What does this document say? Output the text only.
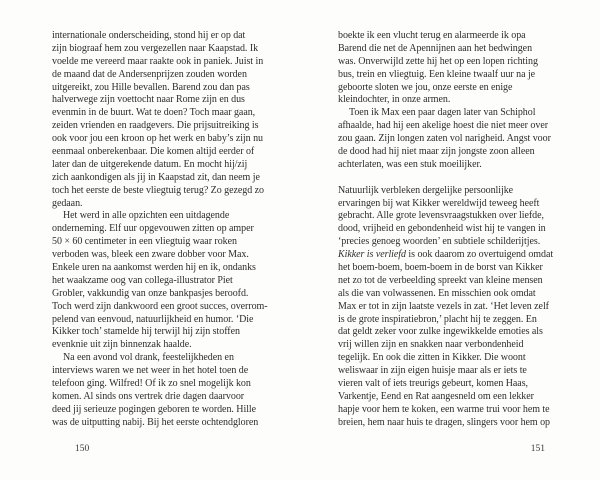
internationale onderscheiding, stond hij er op dat
zijn biograaf hem zou vergezellen naar Kaapstad. Ik
voelde me vereerd maar raakte ook in paniek. Juist in
de maand dat de Andersenprijzen zouden worden
uitgereikt, zou Hille bevallen. Barend zou dan pas
halverwege zijn voettocht naar Rome zijn en dus
evenmin in de buurt. Wat te doen? Toch maar gaan,
zeiden vrienden en raadgevers. Die prijsuitreiking is
ook voor jou een kroon op het werk en baby’s zijn nu
eenmaal onberekenbaar. Die komen altijd eerder of
later dan de uitgerekende datum. En mocht hij/zij
zich aankondigen als jij in Kaapstad zit, dan neem je
toch het eerste de beste vliegtuig terug? Zo gezegd zo
gedaan.
Het werd in alle opzichten een uitdagende
onderneming. Elf uur opgevouwen zitten op amper
50 × 60 centimeter in een vliegtuig waar roken
verboden was, bleek een zware dobber voor Max.
Enkele uren na aankomst werden hij en ik, ondanks
het waakzame oog van collega-illustrator Piet
Grobler, vakkundig van onze bankpasjes beroofd.
Toch werd zijn dankwoord een groot succes, overrom-
pelend van eenvoud, natuurlijkheid en humor. ‘Die
Kikker toch’ stamelde hij terwijl hij zijn stoffen
evenknie uit zijn binnenzak haalde.
Na een avond vol drank, feestelijkheden en
interviews waren we net weer in het hotel toen de
telefoon ging. Wilfred! Of ik zo snel mogelijk kon
komen. Al sinds ons vertrek drie dagen daarvoor
deed jij serieuze pogingen geboren te worden. Hille
was de uitputting nabij. Bij het eerste ochtendgloren
boekte ik een vlucht terug en alarmeerde ik opa
Barend die net de Apennijnen aan het bedwingen
was. Onverwijld zette hij het op een lopen richting
bus, trein en vliegtuig. Een kleine twaalf uur na je
geboorte sloten we jou, onze eerste en enige
kleindochter, in onze armen.
Toen ik Max een paar dagen later van Schiphol
afhaalde, had hij een akelige hoest die niet meer over
zou gaan. Zijn longen zaten vol narigheid. Angst voor
de dood had hij niet maar zijn jongste zoon alleen
achterlaten, was een stuk moeilijker.
Natuurlijk verbleken dergelijke persoonlijke
ervaringen bij wat Kikker wereldwijd teweeg heeft
gebracht. Alle grote levensvraagstukken over liefde,
dood, vrijheid en gebondenheid wist hij te vangen in
‘precies genoeg woorden’ en subtiele schilderijtjes.
Kikker is verliefd is ook daarom zo overtuigend omdat
het boem-boem, boem-boem in de borst van Kikker
net zo tot de verbeelding spreekt van kleine mensen
als die van volwassenen. En misschien ook omdat
Max er tot in zijn laatste vezels in zat. ‘Het leven zelf
is de grote inspiratiebron,’ placht hij te zeggen. En
dat geldt zeker voor zulke ingewikkelde emoties als
vrij willen zijn en snakken naar verbondenheid
tegelijk. En ook die zitten in Kikker. Die woont
weliswaar in zijn eigen huisje maar als er iets te
vieren valt of iets treurigs gebeurt, komen Haas,
Varkentje, Eend en Rat aangesneld om een lekker
hapje voor hem te koken, een warme trui voor hem te
breien, hem naar huis te dragen, slingers voor hem op
150	151
